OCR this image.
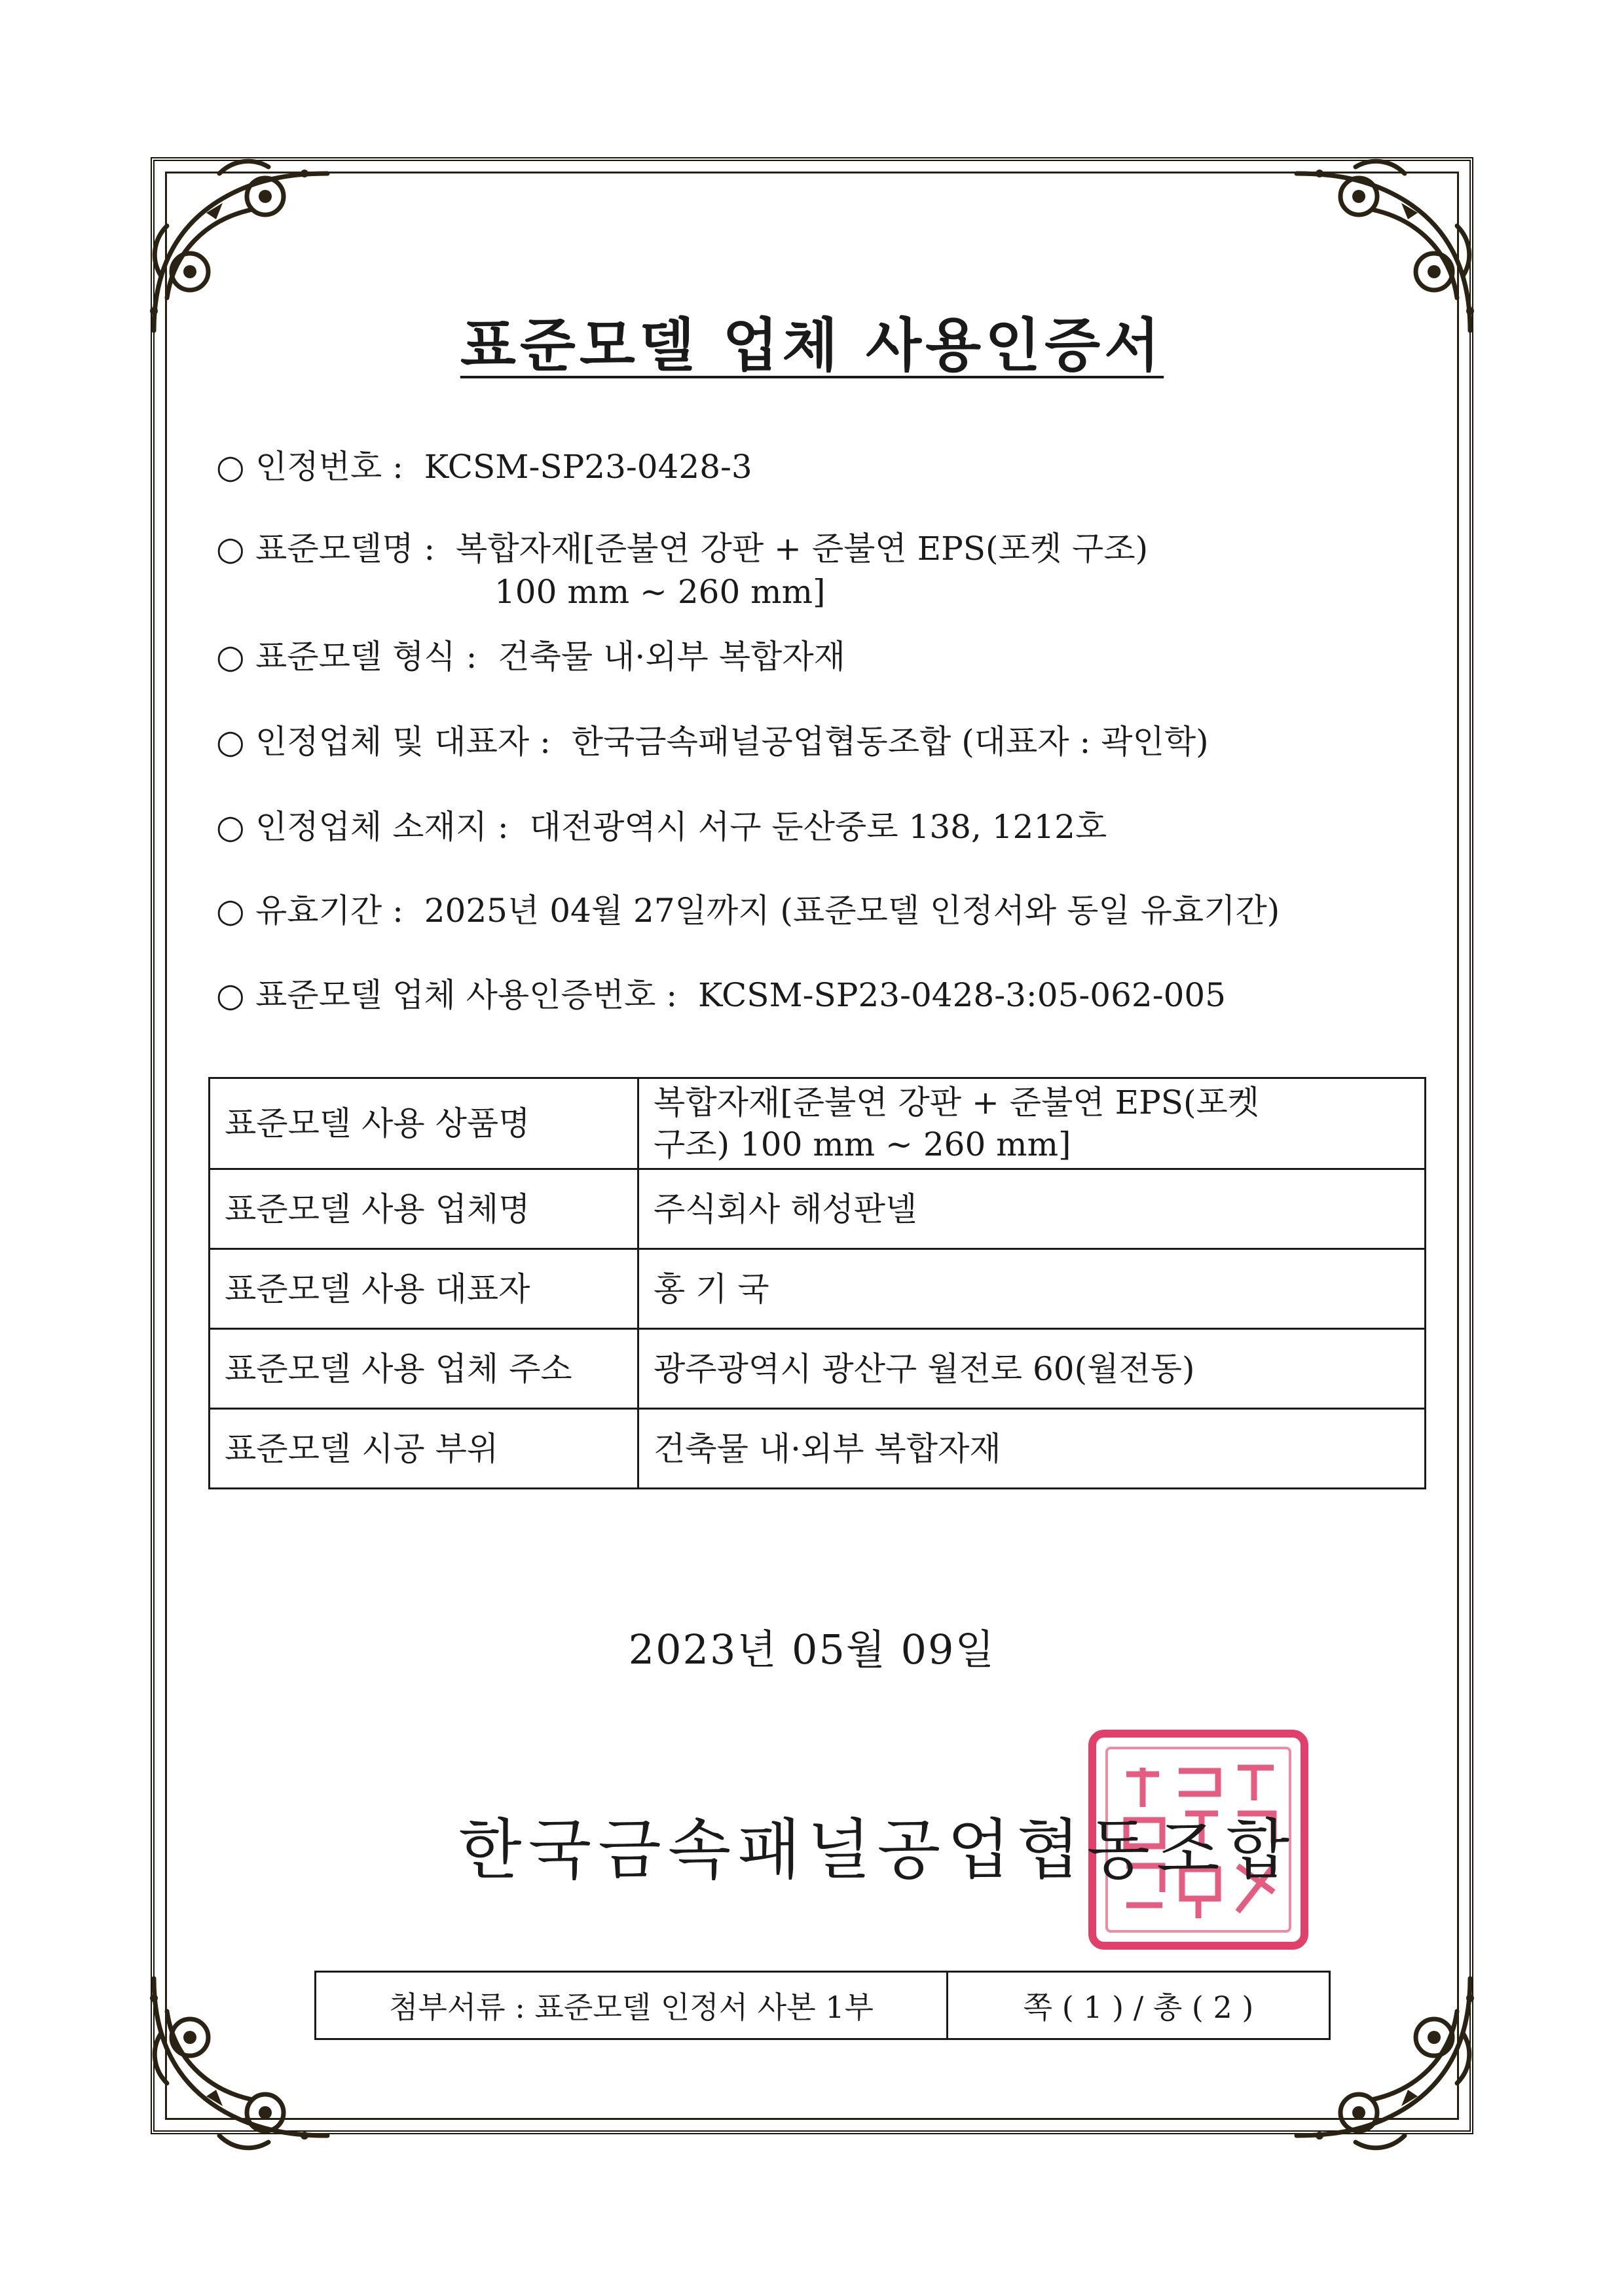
표준모델 업체 사용인증서
○ 인정번호 : KCSM-SP23-0428-3
○ 표준모델명 : 복합자재[준불연 강판 + 준불연 EPS(포켓 구조)
100 mm ~ 260 mm]
○ 표준모델 형식 : 건축물 내·외부 복합자재
○ 인정업체 및 대표자 : 한국금속패널공업협동조합 (대표자 : 곽인학)
○ 인정업체 소재지 : 대전광역시 서구 둔산중로 138, 1212호
○ 유효기간 : 2025년 04월 27일까지 (표준모델 인정서와 동일 유효기간)
○ 표준모델 업체 사용인증번호 : KCSM-SP23-0428-3:05-062-005
표준모델 사용 상품명	복합자재[준불연 강판 + 준불연 EPS(포켓
구조) 100 mm ~ 260 mm]
표준모델 사용 업체명	주식회사 해성판넬
표준모델 사용 대표자	홍 기 국
표준모델 사용 업체 주소	광주광역시 광산구 월전로 60(월전동)
표준모델 시공 부위	건축물 내·외부 복합자재
2023년 05월 09일
한국금속패널공업협동조합
첨부서류 : 표준모델 인정서 사본 1부	쪽 ( 1 ) / 총 ( 2 )
